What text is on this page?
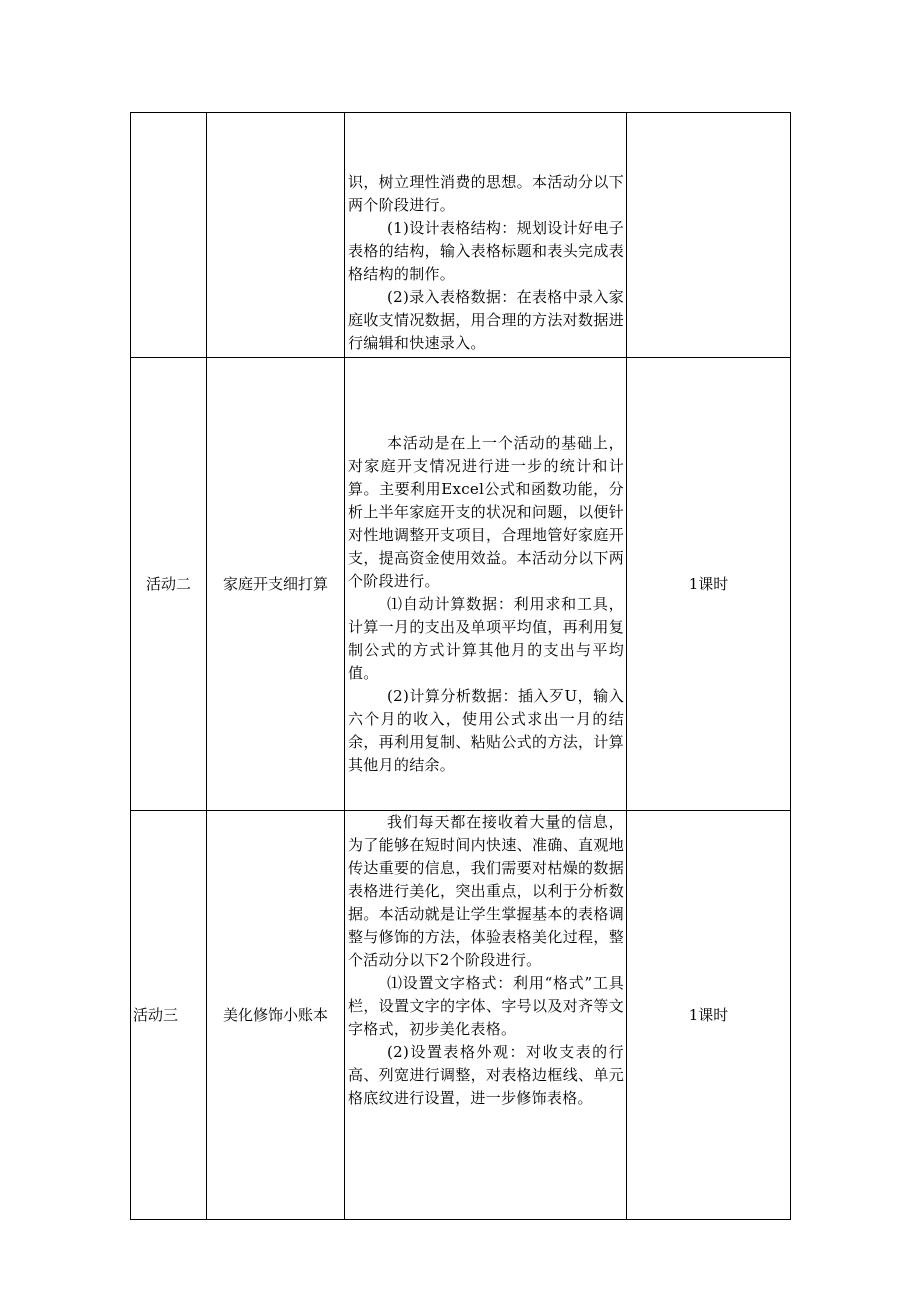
		识，树立理性消费的思想。本活动分以下两个阶段进行。

(1)设计表格结构：规划设计好电子表格的结构，输入表格标题和表头完成表格结构的制作。

(2)录入表格数据：在表格中录入家庭收支情况数据，用合理的方法对数据进行编辑和快速录入。	

活动二	家庭开支细打算	本活动是在上一个活动的基础上，对家庭开支情况进行进一步的统计和计算。主要利用Excel公式和函数功能，分析上半年家庭开支的状况和问题，以便针对性地调整开支项目，合理地管好家庭开支，提高资金使用效益。本活动分以下两个阶段进行。

⑴自动计算数据：利用求和工具，计算一月的支出及单项平均值，再利用复制公式的方式计算其他月的支出与平均值。

(2)计算分析数据：插入歹U，输入六个月的收入，使用公式求出一月的结余，再利用复制、粘贴公式的方法，计算其他月的结余。	1课时
活动三	美化修饰小账本	我们每天都在接收着大量的信息，为了能够在短时间内快速、准确、直观地传达重要的信息，我们需要对枯燥的数据表格进行美化，突出重点，以利于分析数据。本活动就是让学生掌握基本的表格调整与修饰的方法，体验表格美化过程，整个活动分以下2个阶段进行。

⑴设置文字格式：利用“格式”工具栏，设置文字的字体、字号以及对齐等文字格式，初步美化表格。

(2)设置表格外观：对收支表的行高、列宽进行调整，对表格边框线、单元格底纹进行设置，进一步修饰表格。	1课时
